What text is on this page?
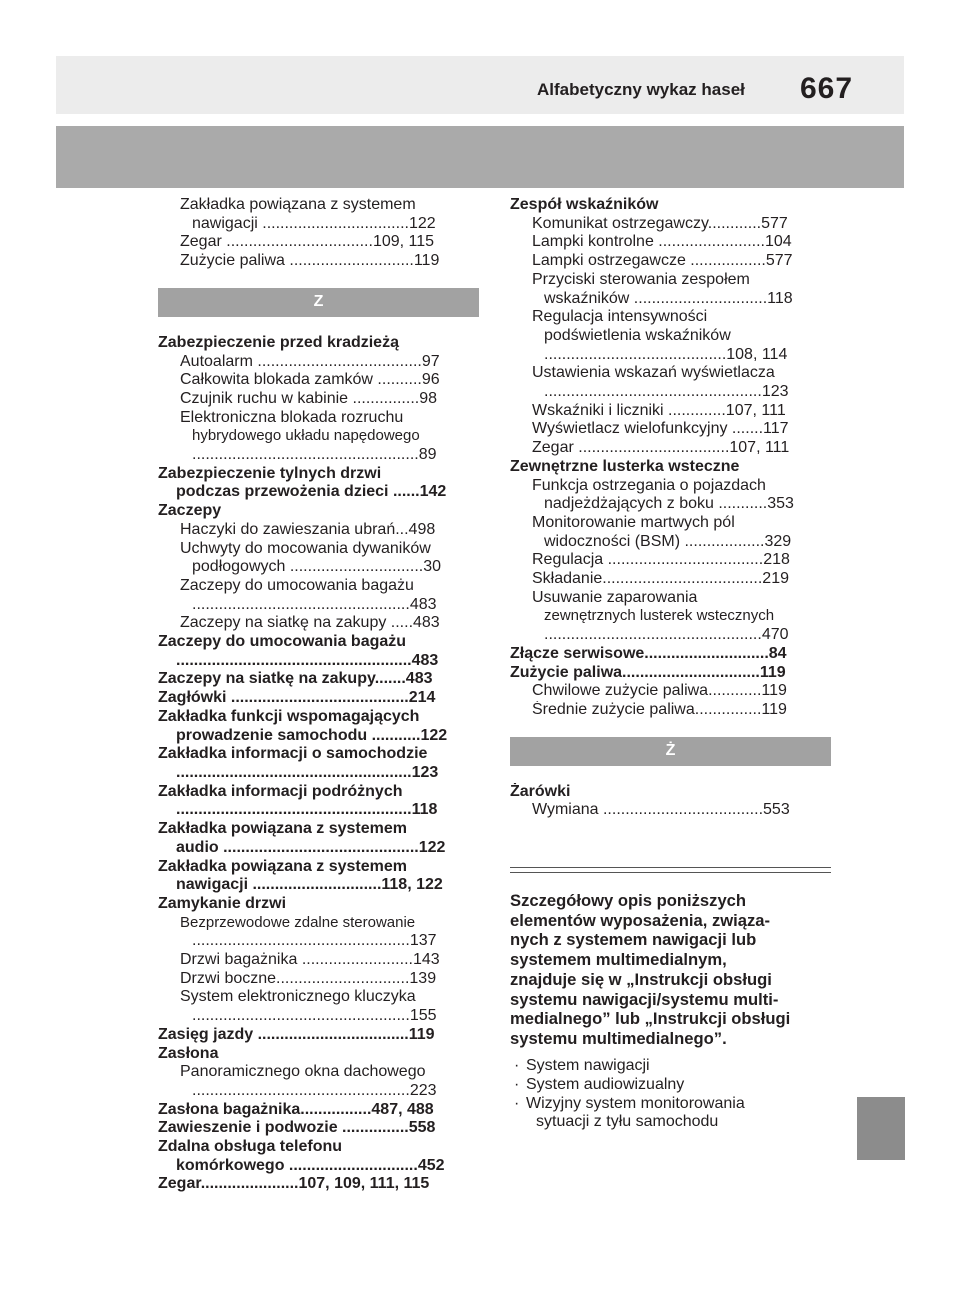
Alfabetyczny wykaz haseł 667
Zakładka powiązana z systemem
nawigacji .................................122
Zegar .................................109, 115
Zużycie paliwa ............................119
Z
Zabezpieczenie przed kradzieżą
Autoalarm .....................................97
Całkowita blokada zamków ..........96
Czujnik ruchu w kabinie ...............98
Elektroniczna blokada rozruchu
hybrydowego układu napędowego
...................................................89
Zabezpieczenie tylnych drzwi
podczas przewożenia dzieci ......142
Zaczepy
Haczyki do zawieszania ubrań...498
Uchwyty do mocowania dywaników
podłogowych ..............................30
Zaczepy do umocowania bagażu
.................................................483
Zaczepy na siatkę na zakupy .....483
Zaczepy do umocowania bagażu
.....................................................483
Zaczepy na siatkę na zakupy.......483
Zagłówki ........................................214
Zakładka funkcji wspomagających
prowadzenie samochodu ...........122
Zakładka informacji o samochodzie
.....................................................123
Zakładka informacji podróżnych
.....................................................118
Zakładka powiązana z systemem
audio ............................................122
Zakładka powiązana z systemem
nawigacji .............................118, 122
Zamykanie drzwi
Bezprzewodowe zdalne sterowanie
.................................................137
Drzwi bagażnika .........................143
Drzwi boczne..............................139
System elektronicznego kluczyka
.................................................155
Zasięg jazdy ..................................119
Zasłona
Panoramicznego okna dachowego
.................................................223
Zasłona bagażnika................487, 488
Zawieszenie i podwozie ...............558
Zdalna obsługa telefonu
komórkowego .............................452
Zegar......................107, 109, 111, 115
Zespół wskaźników
Komunikat ostrzegawczy............577
Lampki kontrolne ........................104
Lampki ostrzegawcze .................577
Przyciski sterowania zespołem
wskaźników ..............................118
Regulacja intensywności
podświetlenia wskaźników
.........................................108, 114
Ustawienia wskazań wyświetlacza
.................................................123
Wskaźniki i liczniki .............107, 111
Wyświetlacz wielofunkcyjny .......117
Zegar ..................................107, 111
Zewnętrzne lusterka wsteczne
Funkcja ostrzegania o pojazdach
nadjeżdżających z boku ...........353
Monitorowanie martwych pól
widoczności (BSM) ..................329
Regulacja ...................................218
Składanie....................................219
Usuwanie zaparowania
zewnętrznych lusterek wstecznych
.................................................470
Złącze serwisowe............................84
Zużycie paliwa...............................119
Chwilowe zużycie paliwa............119
Średnie zużycie paliwa...............119
Ż
Żarówki
Wymiana ....................................553
Szczegółowy opis poniższych
elementów wyposażenia, związa-
nych z systemem nawigacji lub
systemem multimedialnym,
znajduje się w „Instrukcji obsługi
systemu nawigacji/systemu multi-
medialnego” lub „Instrukcji obsługi
systemu multimedialnego”.
· System nawigacji
· System audiowizualny
· Wizyjny system monitorowania
sytuacji z tyłu samochodu
